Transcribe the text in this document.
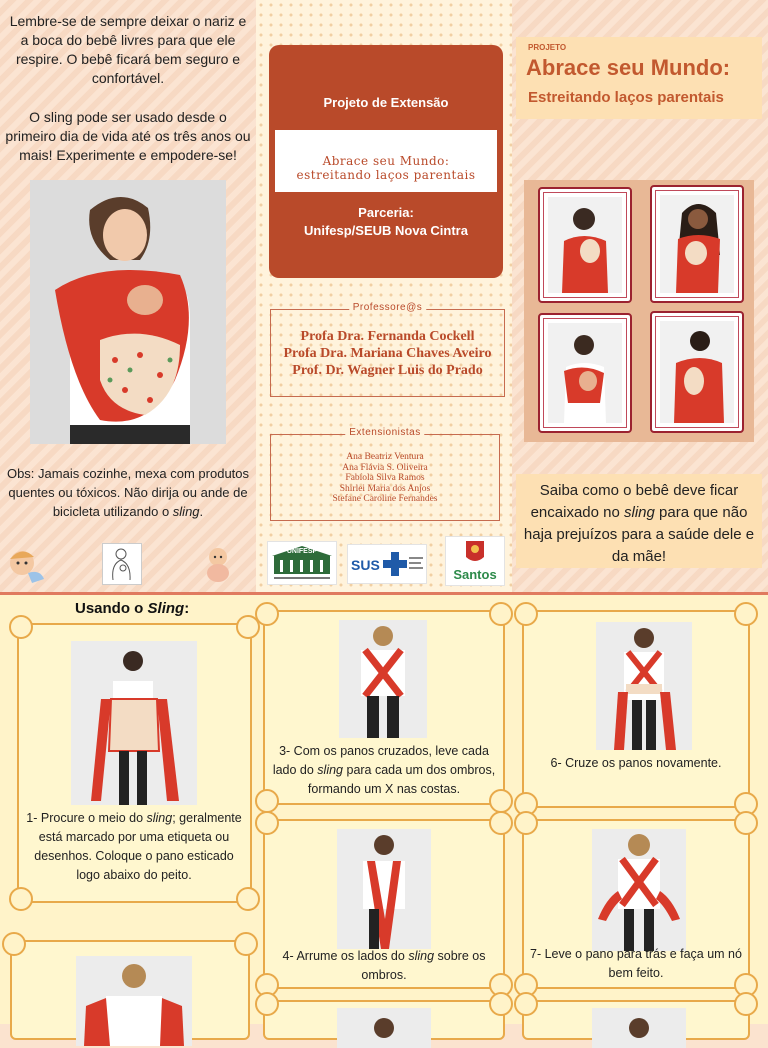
Lembre-se de sempre deixar o nariz e a boca do bebê livres para que ele respire. O bebê ficará bem seguro e confortável.
O sling pode ser usado desde o primeiro dia de vida até os três anos ou mais! Experimente e empodere-se!
Obs: Jamais cozinhe, mexa com produtos quentes ou tóxicos. Não dirija ou ande de bicicleta utilizando o sling.
Projeto de Extensão
Abrace seu Mundo:
estreitando laços parentais
Parceria:
Unifesp/SEUB Nova Cintra
Professore@s
Profa Dra. Fernanda Cockell
Profa Dra. Mariana Chaves Aveiro
Prof. Dr. Wagner Luis do Prado
Extensionistas
Ana Beatriz Ventura
Ana Flávia S. Oliveira
Fabíola Silva Ramos
Shirlei Maria dos Anjos
Stefane Caroline Fernandes
UNIFESP
SUS
Santos
PROJETO
Abrace seu Mundo:
Estreitando laços parentais
Saiba como o bebê deve ficar encaixado no sling para que não haja prejuízos para a saúde dele e da mãe!
Usando o Sling:
1- Procure o meio do sling; geralmente está marcado por uma etiqueta ou desenhos. Coloque o pano esticado logo abaixo do peito.
3- Com os panos cruzados, leve cada lado do sling para cada um dos ombros, formando um X nas costas.
4- Arrume os lados do sling sobre os ombros.
6- Cruze os panos novamente.
7- Leve o pano para trás e faça um nó bem feito.
